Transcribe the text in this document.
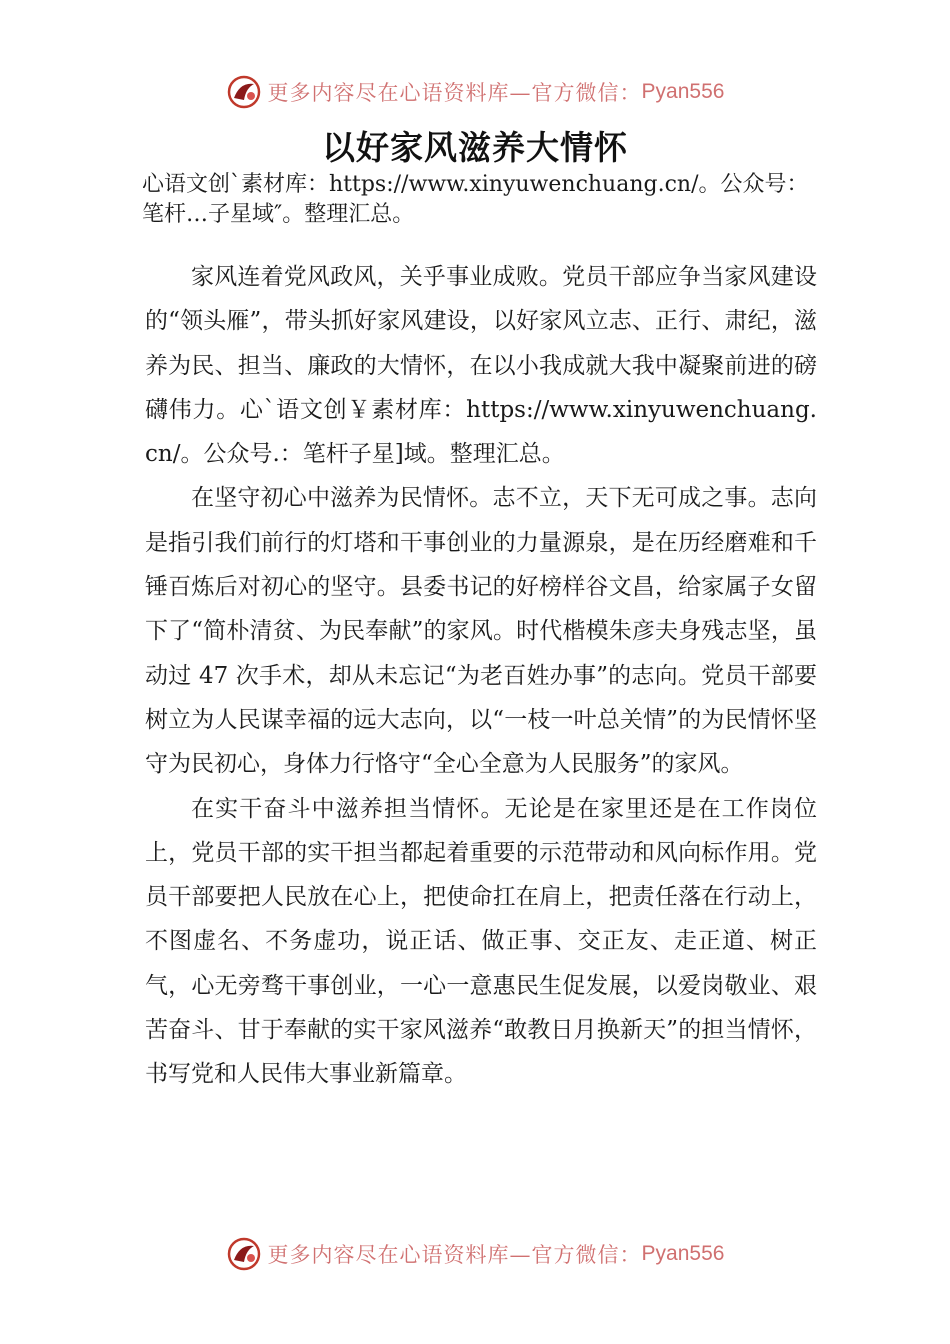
更多内容尽在心语资料库—官方微信： Pyan556
以好家风滋养大情怀

心语文创`素材库：https://www.xinyuwenchuang.cn/。公众号：笔杆…子星域″。整理汇总。

家风连着党风政风，关乎事业成败。党员干部应争当家风建设的“领头雁”，带头抓好家风建设，以好家风立志、正行、肃纪，滋养为民、担当、廉政的大情怀，在以小我成就大我中凝聚前进的磅礴伟力。心`语文创￥素材库：https://www.xinyuwenchuang.cn/。公众号.：笔杆子星]域。整理汇总。

在坚守初心中滋养为民情怀。志不立，天下无可成之事。志向是指引我们前行的灯塔和干事创业的力量源泉，是在历经磨难和千锤百炼后对初心的坚守。县委书记的好榜样谷文昌，给家属子女留下了“简朴清贫、为民奉献”的家风。时代楷模朱彦夫身残志坚，虽动过 47 次手术，却从未忘记“为老百姓办事”的志向。党员干部要树立为人民谋幸福的远大志向，以“一枝一叶总关情”的为民情怀坚守为民初心，身体力行恪守“全心全意为人民服务”的家风。

在实干奋斗中滋养担当情怀。无论是在家里还是在工作岗位上，党员干部的实干担当都起着重要的示范带动和风向标作用。党员干部要把人民放在心上，把使命扛在肩上，把责任落在行动上，不图虚名、不务虚功，说正话、做正事、交正友、走正道、树正气，心无旁骛干事创业，一心一意惠民生促发展，以爱岗敬业、艰苦奋斗、甘于奉献的实干家风滋养“敢教日月换新天”的担当情怀，书写党和人民伟大事业新篇章。

更多内容尽在心语资料库—官方微信： Pyan556
